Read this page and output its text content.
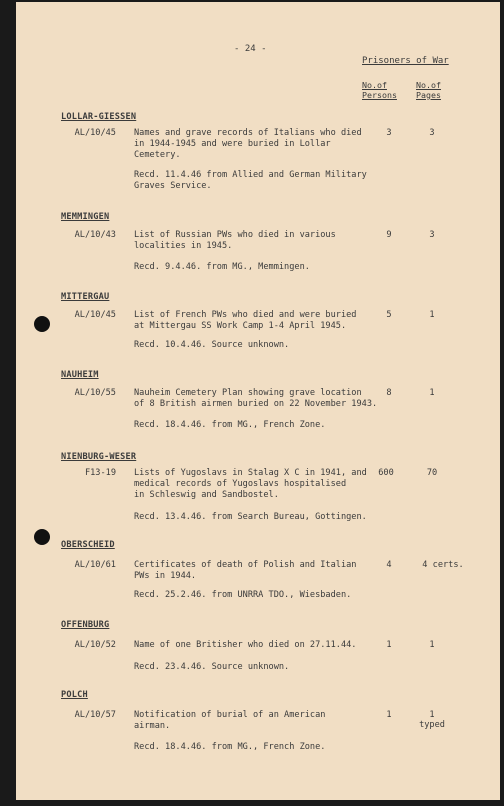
- 24 -
Prisoners of War
No.of
Persons
No.of
Pages
LOLLAR-GIESSEN
AL/10/45 Names and grave records of Italians who died
in 1944-1945 and were buried in Lollar
Cemetery.
3	3
Recd. 11.4.46 from Allied and German Military
Graves Service.
MEMMINGEN
AL/10/43 List of Russian PWs who died in various
localities in 1945.
9	3
Recd. 9.4.46. from MG., Memmingen.
MITTERGAU
AL/10/45 List of French PWs who died and were buried
at Mittergau SS Work Camp 1-4 April 1945.
5	1
Recd. 10.4.46. Source unknown.
NAUHEIM
AL/10/55 Nauheim Cemetery Plan showing grave location
of 8 British airmen buried on 22 November 1943.
8	1
Recd. 18.4.46. from MG., French Zone.
NIENBURG-WESER
F13-19 Lists of Yugoslavs in Stalag X C in 1941, and
medical records of Yugoslavs hospitalised
in Schleswig and Sandbostel.
600	70
Recd. 13.4.46. from Search Bureau, Gottingen.
OBERSCHEID
AL/10/61 Certificates of death of Polish and Italian
PWs in 1944.
4	4 certs.
Recd. 25.2.46. from UNRRA TDO., Wiesbaden.
OFFENBURG
AL/10/52 Name of one Britisher who died on 27.11.44.	1	1
Recd. 23.4.46. Source unknown.
POLCH
AL/10/57 Notification of burial of an American
airman.
1	1
typed
Recd. 18.4.46. from MG., French Zone.
